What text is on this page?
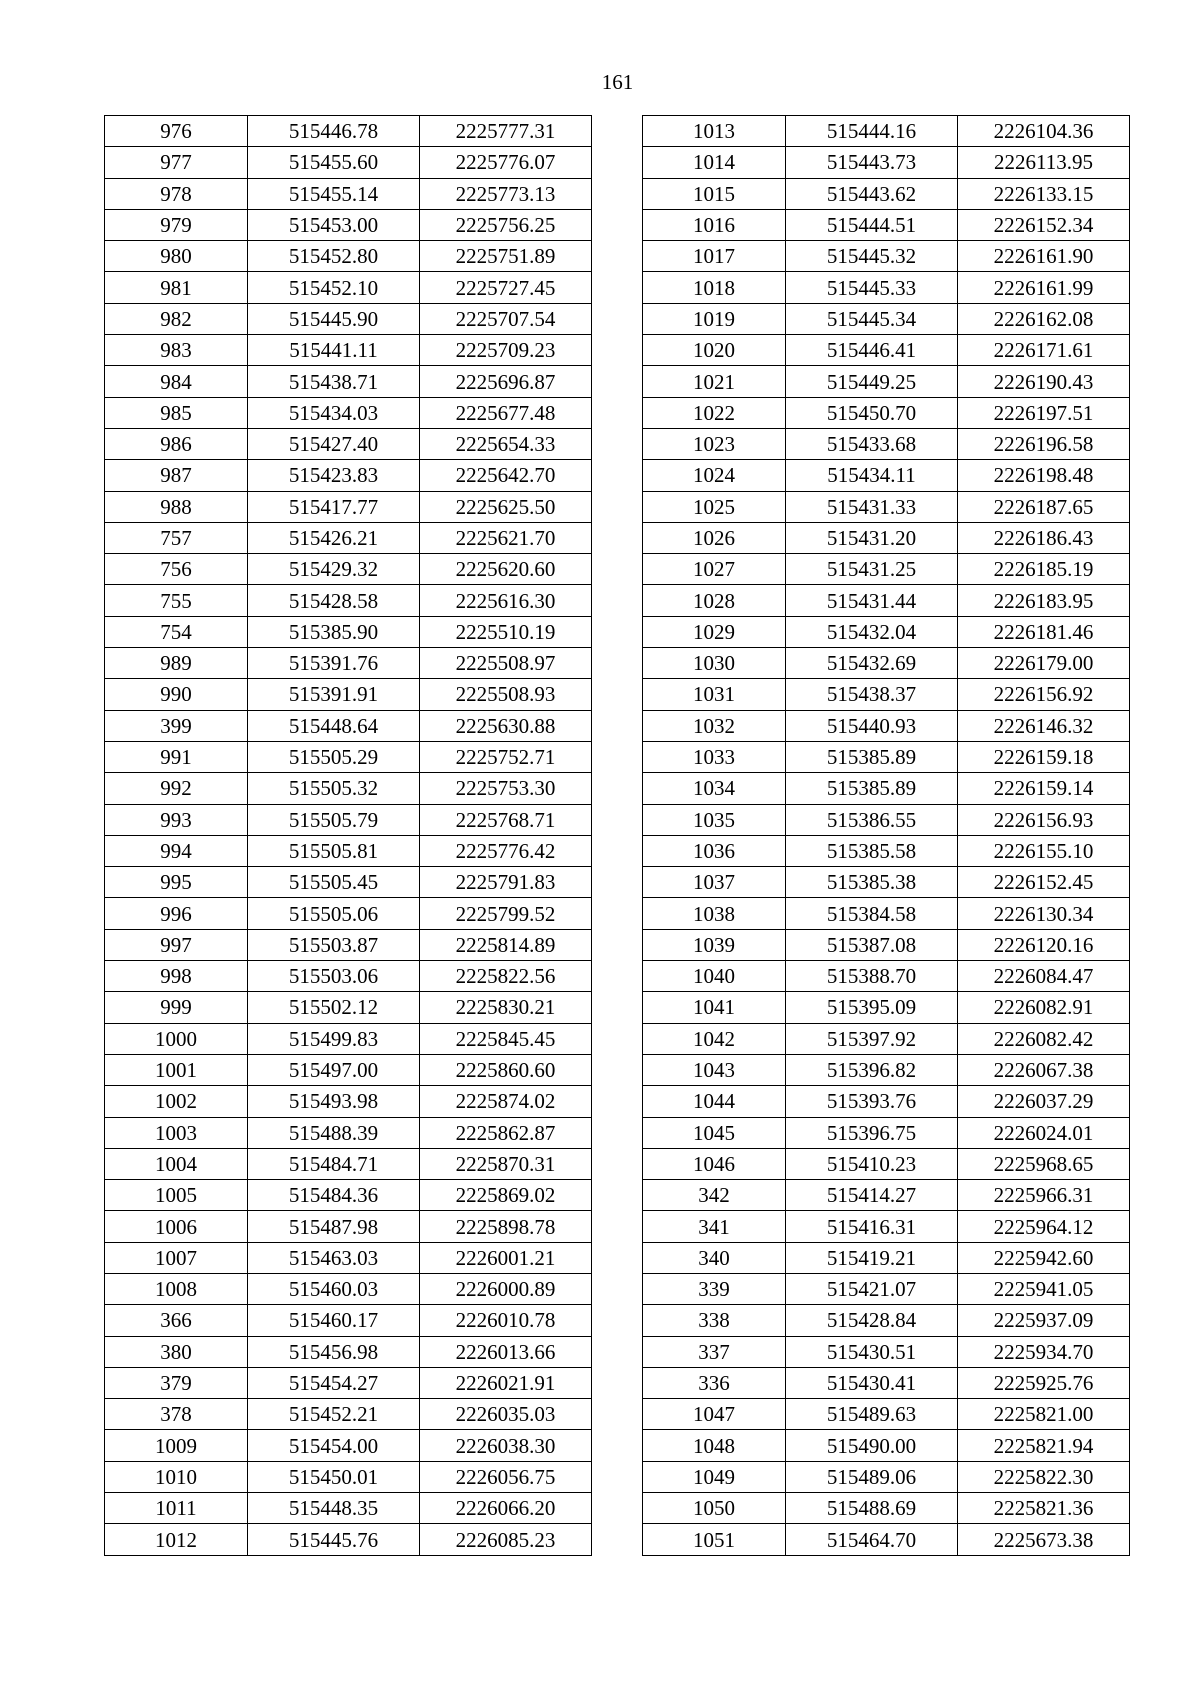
161
976	515446.78	2225777.31
977	515455.60	2225776.07
978	515455.14	2225773.13
979	515453.00	2225756.25
980	515452.80	2225751.89
981	515452.10	2225727.45
982	515445.90	2225707.54
983	515441.11	2225709.23
984	515438.71	2225696.87
985	515434.03	2225677.48
986	515427.40	2225654.33
987	515423.83	2225642.70
988	515417.77	2225625.50
757	515426.21	2225621.70
756	515429.32	2225620.60
755	515428.58	2225616.30
754	515385.90	2225510.19
989	515391.76	2225508.97
990	515391.91	2225508.93
399	515448.64	2225630.88
991	515505.29	2225752.71
992	515505.32	2225753.30
993	515505.79	2225768.71
994	515505.81	2225776.42
995	515505.45	2225791.83
996	515505.06	2225799.52
997	515503.87	2225814.89
998	515503.06	2225822.56
999	515502.12	2225830.21
1000	515499.83	2225845.45
1001	515497.00	2225860.60
1002	515493.98	2225874.02
1003	515488.39	2225862.87
1004	515484.71	2225870.31
1005	515484.36	2225869.02
1006	515487.98	2225898.78
1007	515463.03	2226001.21
1008	515460.03	2226000.89
366	515460.17	2226010.78
380	515456.98	2226013.66
379	515454.27	2226021.91
378	515452.21	2226035.03
1009	515454.00	2226038.30
1010	515450.01	2226056.75
1011	515448.35	2226066.20
1012	515445.76	2226085.23
1013	515444.16	2226104.36
1014	515443.73	2226113.95
1015	515443.62	2226133.15
1016	515444.51	2226152.34
1017	515445.32	2226161.90
1018	515445.33	2226161.99
1019	515445.34	2226162.08
1020	515446.41	2226171.61
1021	515449.25	2226190.43
1022	515450.70	2226197.51
1023	515433.68	2226196.58
1024	515434.11	2226198.48
1025	515431.33	2226187.65
1026	515431.20	2226186.43
1027	515431.25	2226185.19
1028	515431.44	2226183.95
1029	515432.04	2226181.46
1030	515432.69	2226179.00
1031	515438.37	2226156.92
1032	515440.93	2226146.32
1033	515385.89	2226159.18
1034	515385.89	2226159.14
1035	515386.55	2226156.93
1036	515385.58	2226155.10
1037	515385.38	2226152.45
1038	515384.58	2226130.34
1039	515387.08	2226120.16
1040	515388.70	2226084.47
1041	515395.09	2226082.91
1042	515397.92	2226082.42
1043	515396.82	2226067.38
1044	515393.76	2226037.29
1045	515396.75	2226024.01
1046	515410.23	2225968.65
342	515414.27	2225966.31
341	515416.31	2225964.12
340	515419.21	2225942.60
339	515421.07	2225941.05
338	515428.84	2225937.09
337	515430.51	2225934.70
336	515430.41	2225925.76
1047	515489.63	2225821.00
1048	515490.00	2225821.94
1049	515489.06	2225822.30
1050	515488.69	2225821.36
1051	515464.70	2225673.38
